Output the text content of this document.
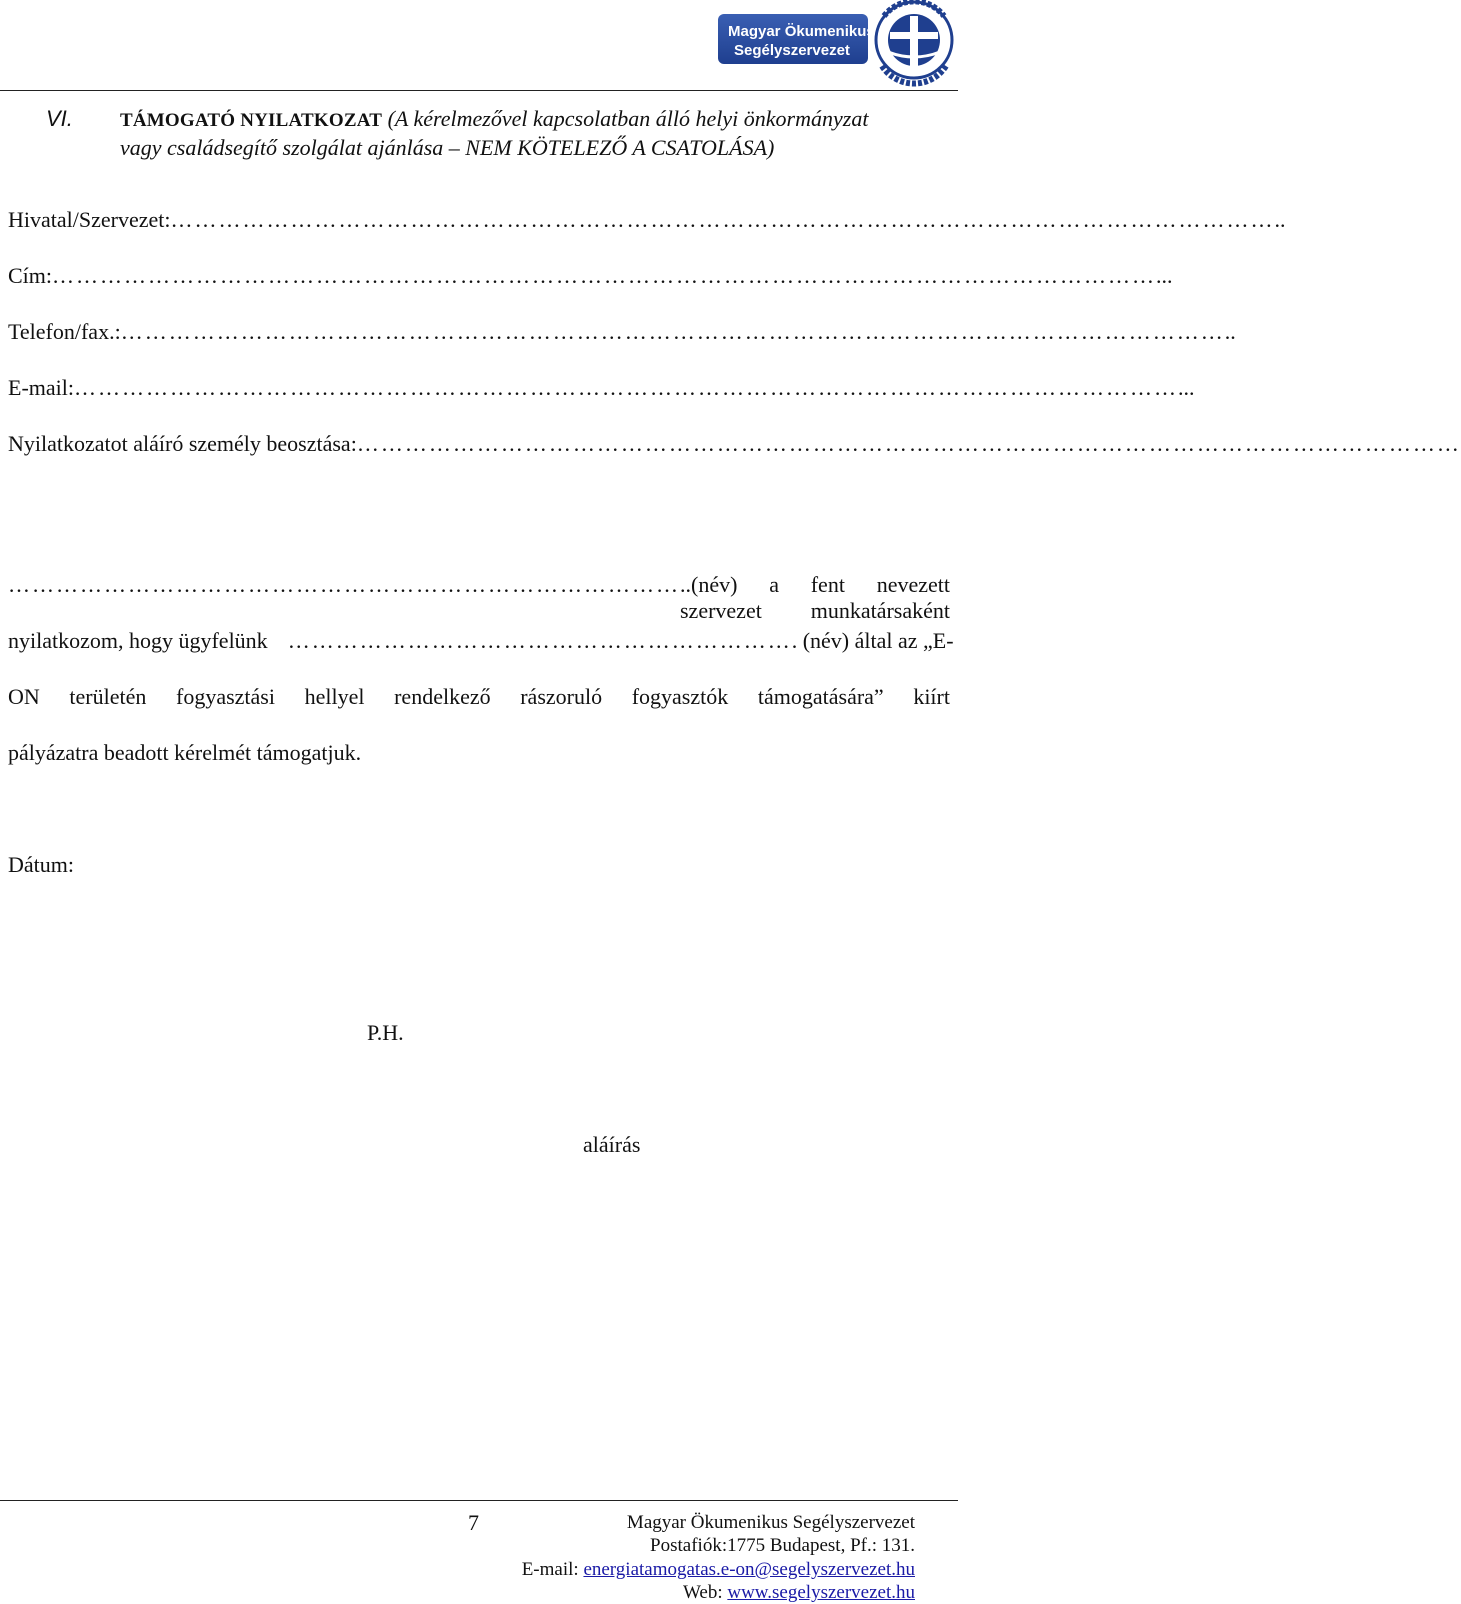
Magyar Ökumenikus
Segélyszervezet
VI. TÁMOGATÓ NYILATKOZAT (A kérelmezővel kapcsolatban álló helyi önkormányzat
vagy családsegítő szolgálat ajánlása – NEM KÖTELEZŐ A CSATOLÁSA)
Hivatal/Szervezet: ………………………………………………………………………………………………………………………… ..
Cím: ………………………………………………………………………………………………………………………… ...
Telefon/fax.: ………………………………………………………………………………………………………………………… ..
E-mail: ………………………………………………………………………………………………………………………… ...
Nyilatkozatot aláíró személy beosztása: …………………………………………………………………………………………………………………………
………………………………………………………………………… ..(név) a fent nevezett szervezet munkatársaként
nyilatkozom, hogy ügyfelünk ……………………………………………………… . (név) által az „E-
ON területén fogyasztási hellyel rendelkező rászoruló fogyasztók támogatására” kiírt
pályázatra beadott kérelmét támogatjuk.
Dátum:
P.H.
aláírás
7	Magyar Ökumenikus Segélyszervezet
Postafiók:1775 Budapest, Pf.: 131.
E-mail: energiatamogatas.e-on@segelyszervezet.hu
Web: www.segelyszervezet.hu
